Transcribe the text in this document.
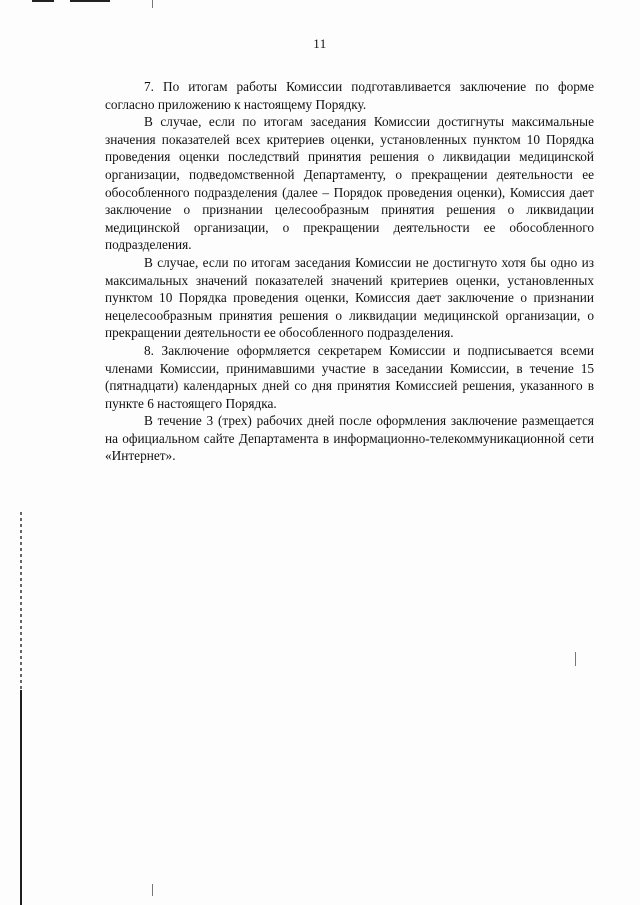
11

7. По итогам работы Комиссии подготавливается заключение по форме согласно приложению к настоящему Порядку.

В случае, если по итогам заседания Комиссии достигнуты максимальные значения показателей всех критериев оценки, установленных пунктом 10 Порядка проведения оценки последствий принятия решения о ликвидации медицинской организации, подведомственной Департаменту, о прекращении деятельности ее обособленного подразделения (далее – Порядок проведения оценки), Комиссия дает заключение о признании целесообразным принятия решения о ликвидации медицинской организации, о прекращении деятельности ее обособленного подразделения.

В случае, если по итогам заседания Комиссии не достигнуто хотя бы одно из максимальных значений показателей значений критериев оценки, установленных пунктом 10 Порядка проведения оценки, Комиссия дает заключение о признании нецелесообразным принятия решения о ликвидации медицинской организации, о прекращении деятельности ее обособленного подразделения.

8. Заключение оформляется секретарем Комиссии и подписывается всеми членами Комиссии, принимавшими участие в заседании Комиссии, в течение 15 (пятнадцати) календарных дней со дня принятия Комиссией решения, указанного в пункте 6 настоящего Порядка.

В течение 3 (трех) рабочих дней после оформления заключение размещается на официальном сайте Департамента в информационно-телекоммуникационной сети «Интернет».
